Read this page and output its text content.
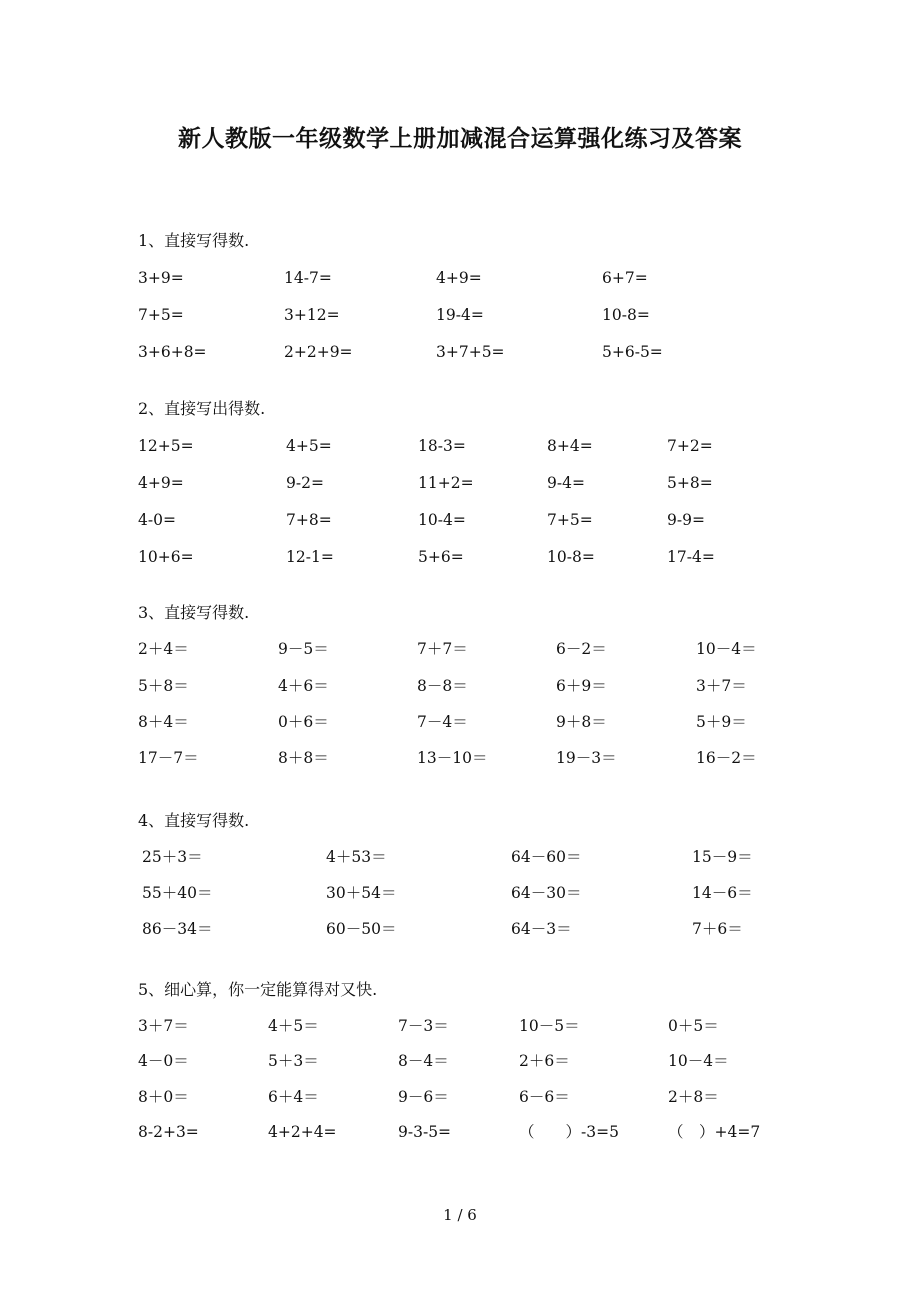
新人教版一年级数学上册加减混合运算强化练习及答案
1、直接写得数.
3+9=	14-7=	4+9=	6+7=
7+5=	3+12=	19-4=	10-8=
3+6+8=	2+2+9=	3+7+5=	5+6-5=
2、直接写出得数.
12+5=	4+5=	18-3=	8+4=	7+2=
4+9=	9-2=	11+2=	9-4=	5+8=
4-0=	7+8=	10-4=	7+5=	9-9=
10+6=	12-1=	5+6=	10-8=	17-4=
3、直接写得数.
2＋4＝	9－5＝	7＋7＝	6－2＝	10－4＝
5＋8＝	4＋6＝	8－8＝	6＋9＝	3＋7＝
8＋4＝	0＋6＝	7－4＝	9＋8＝	5＋9＝
17－7＝	8＋8＝	13－10＝	19－3＝	16－2＝
4、直接写得数.
25＋3＝	4＋53＝	64－60＝	15－9＝
55＋40＝	30＋54＝	64－30＝	14－6＝
86－34＝	60－50＝	64－3＝	7＋6＝
5、细心算，你一定能算得对又快.
3＋7＝	4＋5＝	7－3＝	10－5＝	0＋5＝
4－0＝	5＋3＝	8－4＝	2＋6＝	10－4＝
8＋0＝	6＋4＝	9－6＝	6－6＝	2＋8＝
8-2+3=	4+2+4=	9-3-5=	（　　）-3=5	（　）+4=7
1 / 6
